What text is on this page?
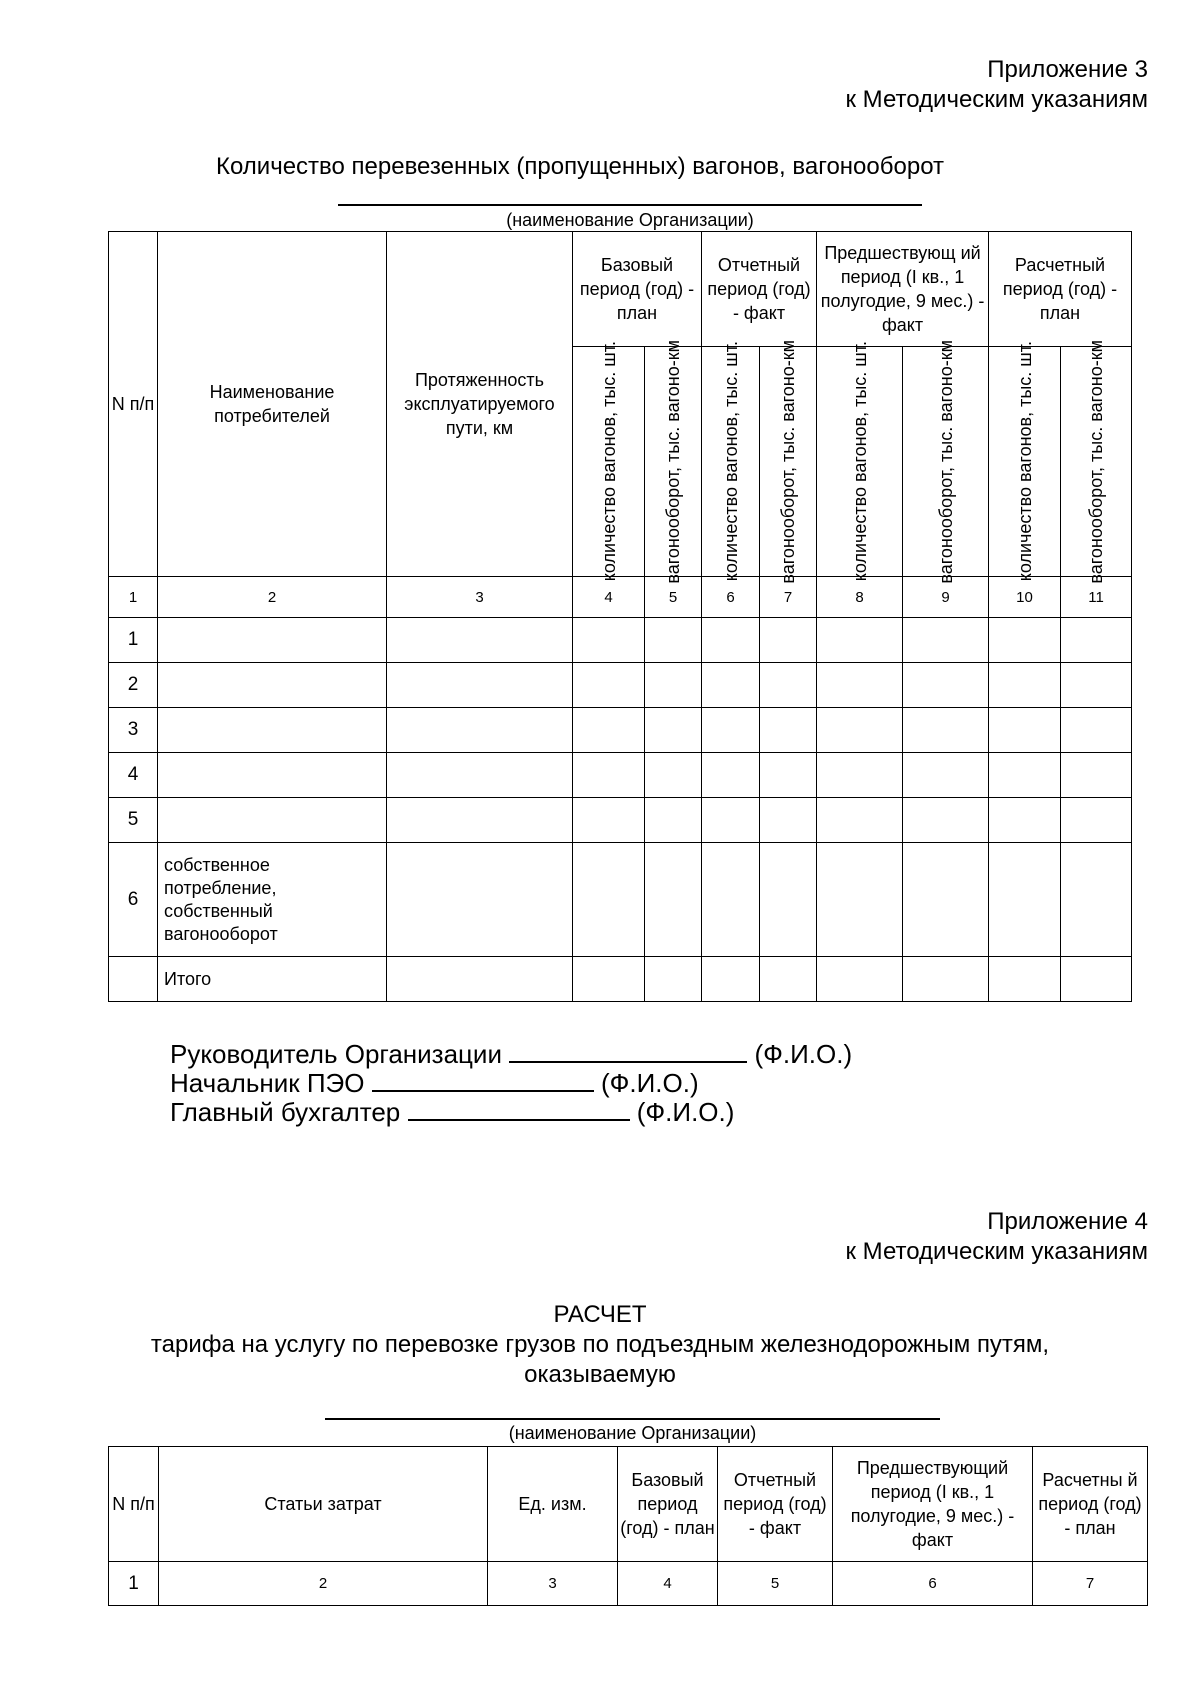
Приложение 3
к Методическим указаниям
Количество перевезенных (пропущенных) вагонов, вагонооборот
(наименование Организации)
N п/п	Наименование потребителей	Протяженность эксплуатируемого пути, км	Базовый период (год) - план		Отчетный период (год) - факт		Предшествующ ий период (I кв., 1 полугодие, 9 мес.) - факт		Расчетный период (год) - план	

			количество вагонов, тыс. шт.	вагонооборот, тыс. вагоно-км	количество вагонов, тыс. шт.	вагонооборот, тыс. вагоно-км	количество вагонов, тыс. шт.	вагонооборот, тыс. вагоно-км	количество вагонов, тыс. шт.	вагонооборот, тыс. вагоно-км

1	2	3	4	5	6	7	8	9	10	11
1										
2										
3										
4										
5										
6	собственное потребление, собственный вагонооборот									
	Итого									
Руководитель Организации	(Ф.И.О.)
Начальник ПЭО	(Ф.И.О.)
Главный бухгалтер	(Ф.И.О.)
Приложение 4
к Методическим указаниям
РАСЧЕТ
тарифа на услугу по перевозке грузов по подъездным железнодорожным путям,
оказываемую
(наименование Организации)
N п/п	Статьи затрат	Ед. изм.	Базовый период (год) - план	Отчетный период (год) - факт	Предшествующий период (I кв., 1 полугодие, 9 мес.) - факт	Расчетны й период (год) - план
1	2	3	4	5	6	7
